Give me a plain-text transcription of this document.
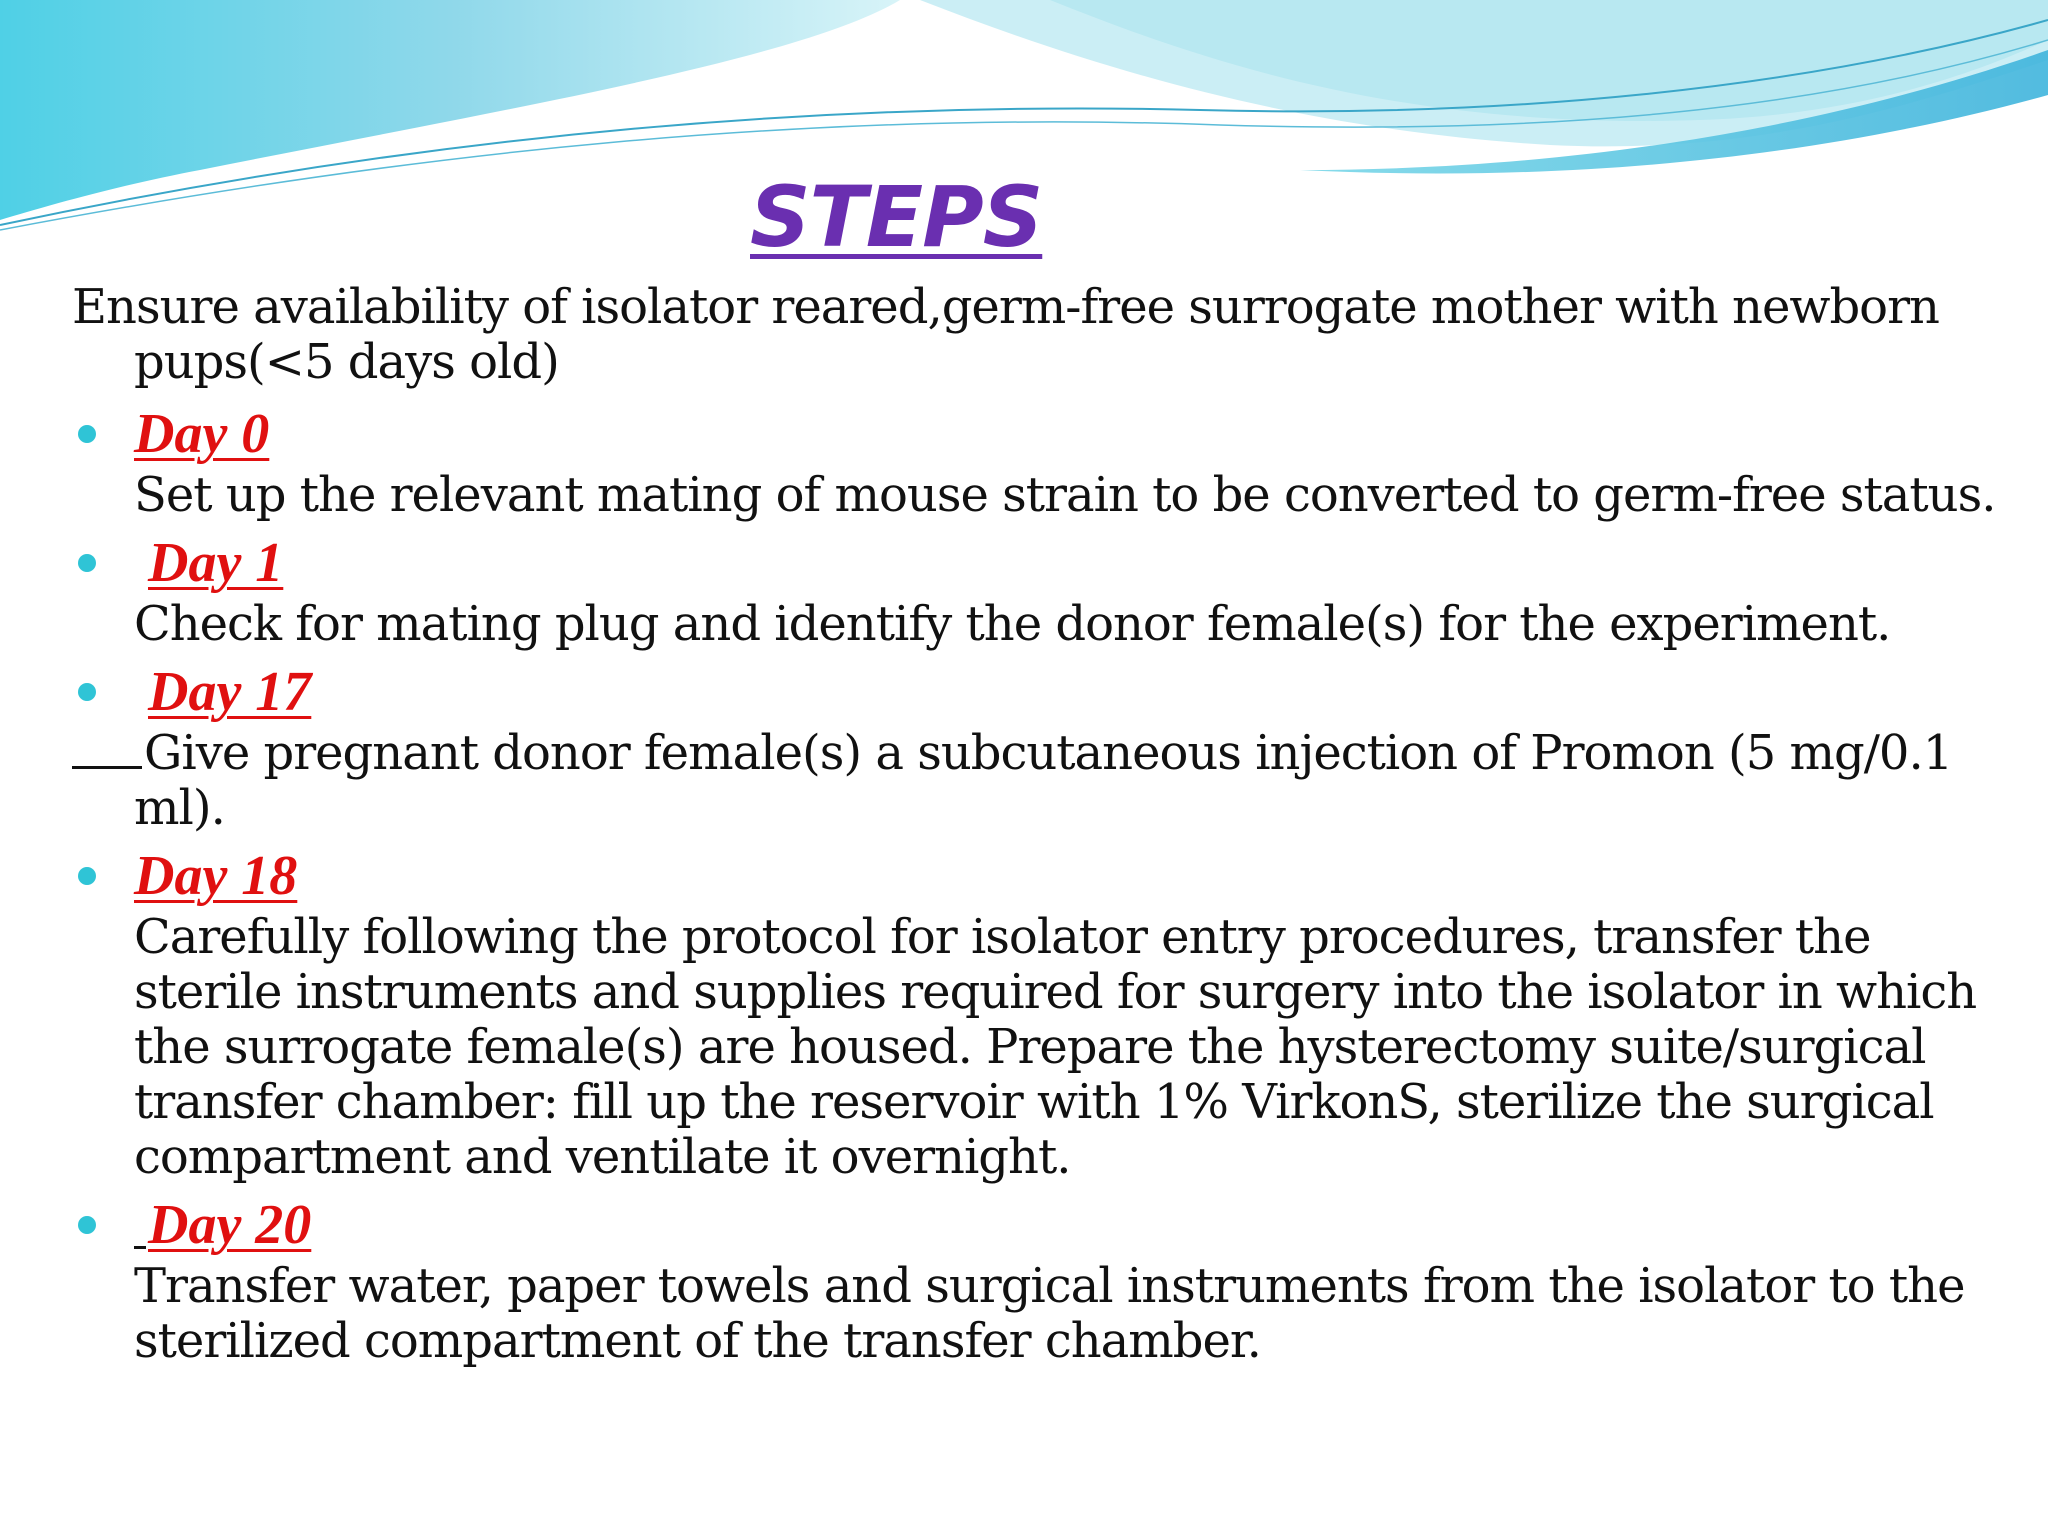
STEPS

Ensure availability of isolator reared,germ-free surrogate mother with newborn pups(<5 days old)

Day 0

Set up the relevant mating of mouse strain to be converted to germ-free status.

Day 1

Check for mating plug and identify the donor female(s) for the experiment.

Day 17

Give pregnant donor female(s) a subcutaneous injection of Promon (5 mg/0.1 ml).

Day 18

Carefully following the protocol for isolator entry procedures, transfer the sterile instruments and supplies required for surgery into the isolator in which the surrogate female(s) are housed. Prepare the hysterectomy suite/surgical transfer chamber: fill up the reservoir with 1% VirkonS, sterilize the surgical compartment and ventilate it overnight.

Day 20

Transfer water, paper towels and surgical instruments from the isolator to the sterilized compartment of the transfer chamber.
